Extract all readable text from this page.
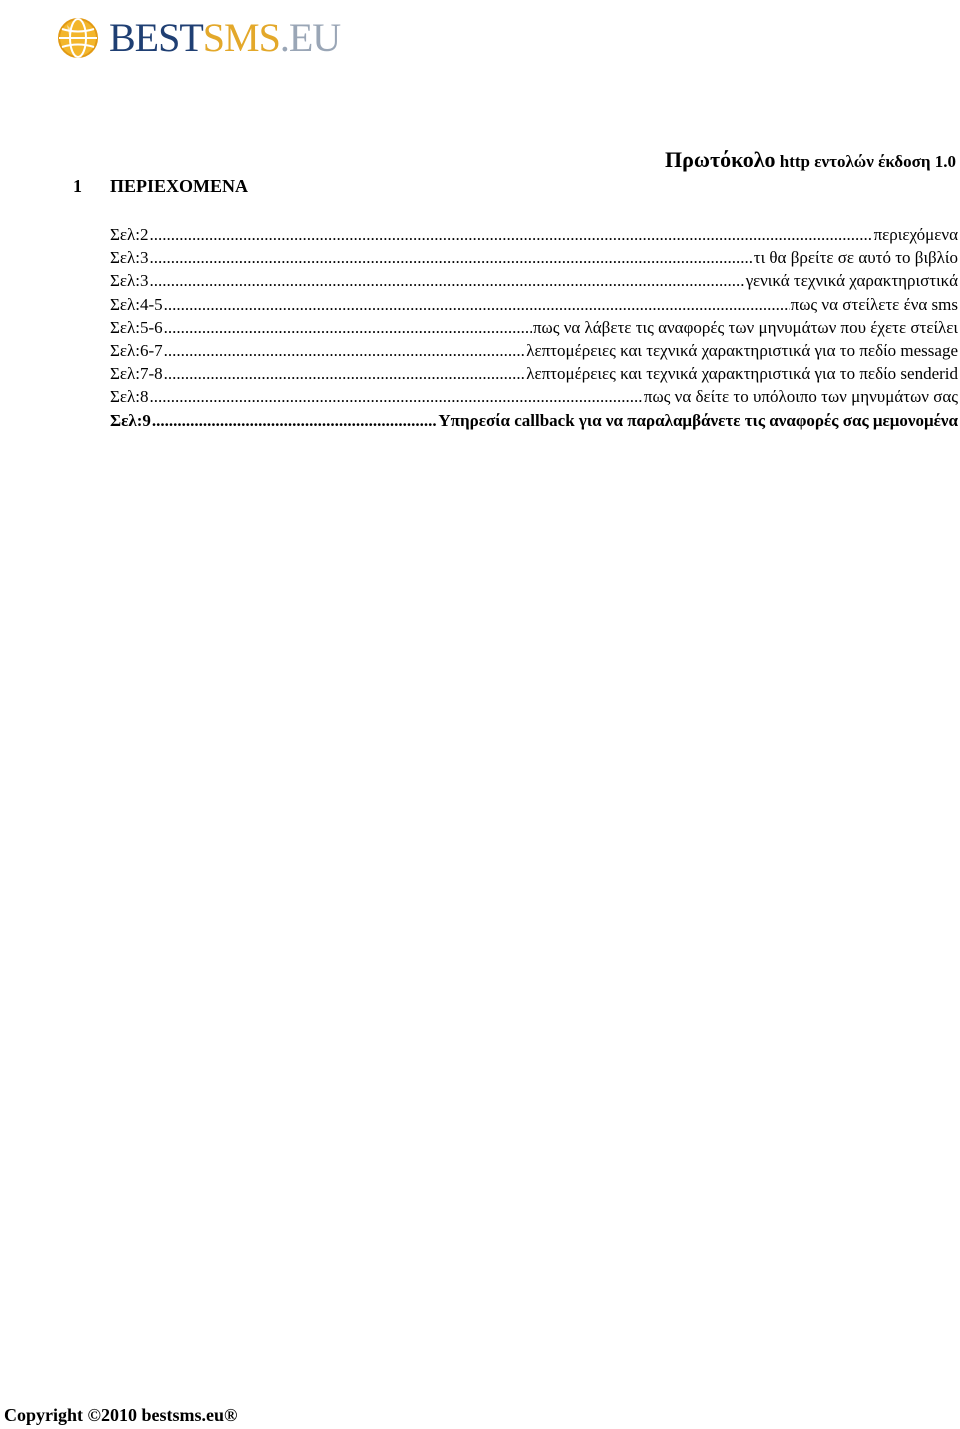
BESTSMS.EU
Πρωτόκολο http εντολών έκδοση 1.0
1 ΠΕΡΙΕΧΟΜΕΝΑ
Σελ:2 .....	περιεχόμενα
Σελ:3 .....	τι θα βρείτε σε αυτό το βιβλίο
Σελ:3 .....	γενικά τεχνικά χαρακτηριστικά
Σελ:4-5 .....	πως να στείλετε ένα sms
Σελ:5-6 .....	πως να λάβετε τις αναφορές των μηνυμάτων που έχετε στείλει
Σελ:6-7 .....	λεπτομέρειες και τεχνικά χαρακτηριστικά για το πεδίο message
Σελ:7-8 .....	λεπτομέρειες και τεχνικά χαρακτηριστικά για το πεδίο senderid
Σελ:8 .....	πως να δείτε το υπόλοιπο των μηνυμάτων σας
Σελ:9 .....	Υπηρεσία callback για να παραλαμβάνετε τις αναφορές σας μεμονομένα
Copyright ©2010 bestsms.eu®
